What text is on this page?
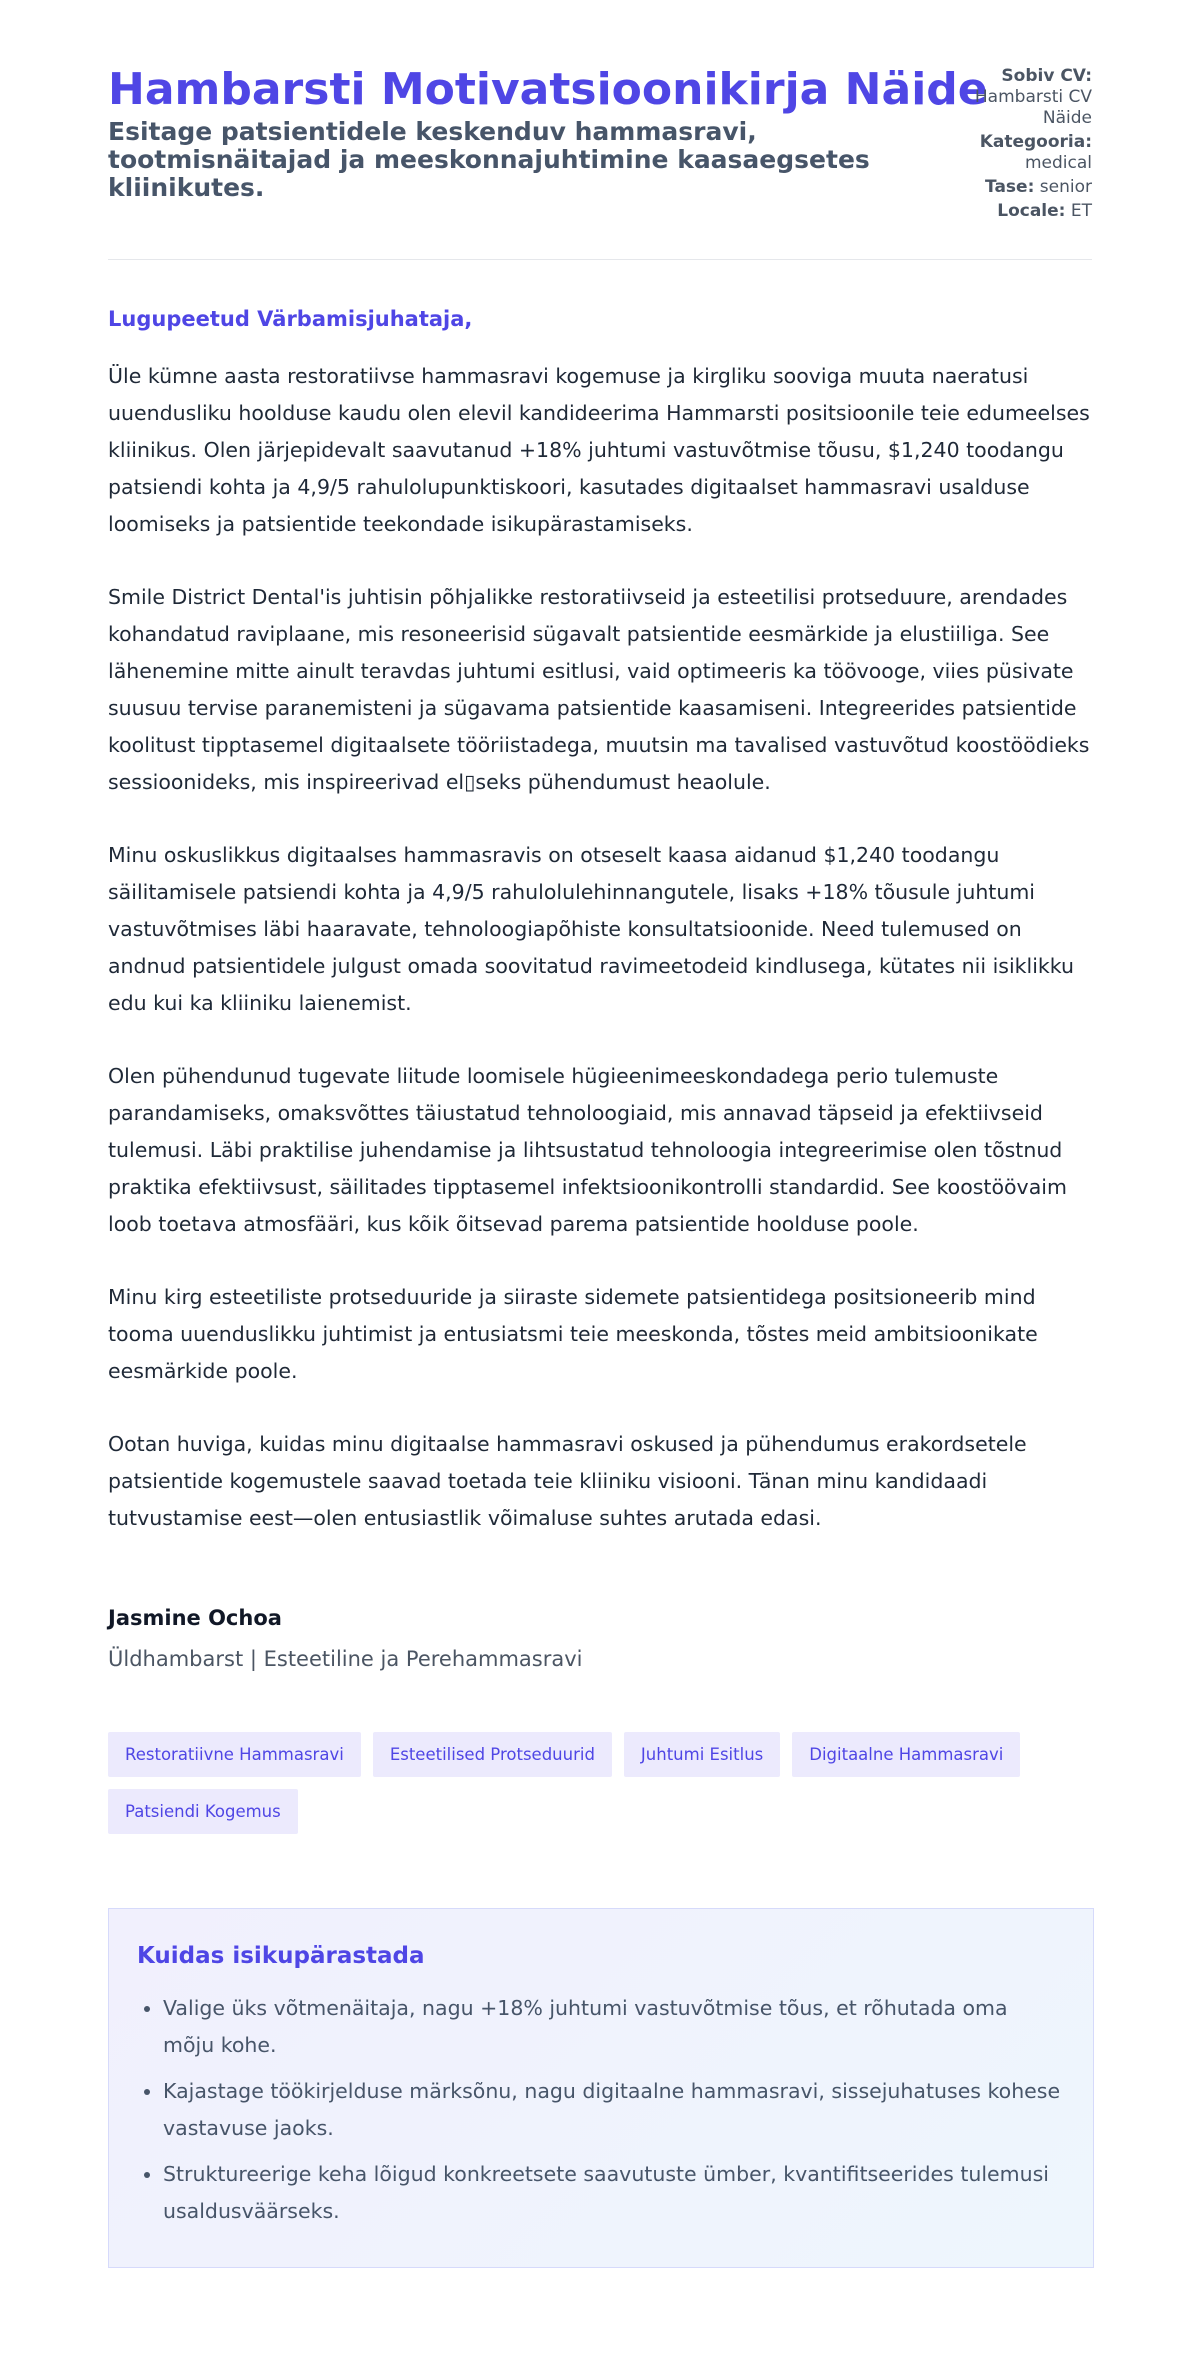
Hambarsti Motivatsioonikirja Näide

Esitage patsientidele keskenduv hammasravi, tootmisnäitajad ja meeskonnajuhtimine kaasaegsetes kliinikutes.

Sobiv CV: Hambarsti CV Näide
Kategooria: medical
Tase: senior
Locale: ET

Lugupeetud Värbamisjuhataja,

Üle kümne aasta restoratiivse hammasravi kogemuse ja kirgliku sooviga muuta naeratusi uuendusliku hoolduse kaudu olen elevil kandideerima Hammarsti positsioonile teie edumeelses kliinikus. Olen järjepidevalt saavutanud +18% juhtumi vastuvõtmise tõusu, $1,240 toodangu patsiendi kohta ja 4,9/5 rahulolupunktiskoori, kasutades digitaalset hammasravi usalduse loomiseks ja patsientide teekondade isikupärastamiseks.

Smile District Dental'is juhtisin põhjalikke restoratiivseid ja esteetilisi protseduure, arendades kohandatud raviplaane, mis resoneerisid sügavalt patsientide eesmärkide ja elustiiliga. See lähenemine mitte ainult teravdas juhtumi esitlusi, vaid optimeeris ka töövooge, viies püsivate suusuu tervise paranemisteni ja sügavama patsientide kaasamiseni. Integreerides patsientide koolitust tipptasemel digitaalsete tööriistadega, muutsin ma tavalised vastuvõtud koostöödieks sessioonideks, mis inspireerivad el▯seks pühendumust heaolule.

Minu oskuslikkus digitaalses hammasravis on otseselt kaasa aidanud $1,240 toodangu säilitamisele patsiendi kohta ja 4,9/5 rahulolulehinnangutele, lisaks +18% tõusule juhtumi vastuvõtmises läbi haaravate, tehnoloogiapõhiste konsultatsioonide. Need tulemused on andnud patsientidele julgust omada soovitatud ravimeetodeid kindlusega, kütates nii isiklikku edu kui ka kliiniku laienemist.

Olen pühendunud tugevate liitude loomisele hügieenimeeskondadega perio tulemuste parandamiseks, omaksvõttes täiustatud tehnoloogiaid, mis annavad täpseid ja efektiivseid tulemusi. Läbi praktilise juhendamise ja lihtsustatud tehnoloogia integreerimise olen tõstnud praktika efektiivsust, säilitades tipptasemel infektsioonikontrolli standardid. See koostöövaim loob toetava atmosfääri, kus kõik õitsevad parema patsientide hoolduse poole.

Minu kirg esteetiliste protseduuride ja siiraste sidemete patsientidega positsioneerib mind tooma uuenduslikku juhtimist ja entusiatsmi teie meeskonda, tõstes meid ambitsioonikate eesmärkide poole.

Ootan huviga, kuidas minu digitaalse hammasravi oskused ja pühendumus erakordsetele patsientide kogemustele saavad toetada teie kliiniku visiooni. Tänan minu kandidaadi tutvustamise eest—olen entusiastlik võimaluse suhtes arutada edasi.

Jasmine Ochoa

Üldhambarst | Esteetiline ja Perehammasravi

Restoratiivne Hammasravi	Esteetilised Protseduurid	Juhtumi Esitlus	Digitaalne Hammasravi
Patsiendi Kogemus
Kuidas isikupärastada
• Valige üks võtmenäitaja, nagu +18% juhtumi vastuvõtmise tõus, et rõhutada oma mõju kohe.
• Kajastage töökirjelduse märksõnu, nagu digitaalne hammasravi, sissejuhatuses kohese vastavuse jaoks.
• Struktureerige keha lõigud konkreetsete saavutuste ümber, kvantifitseerides tulemusi usaldusväärseks.
